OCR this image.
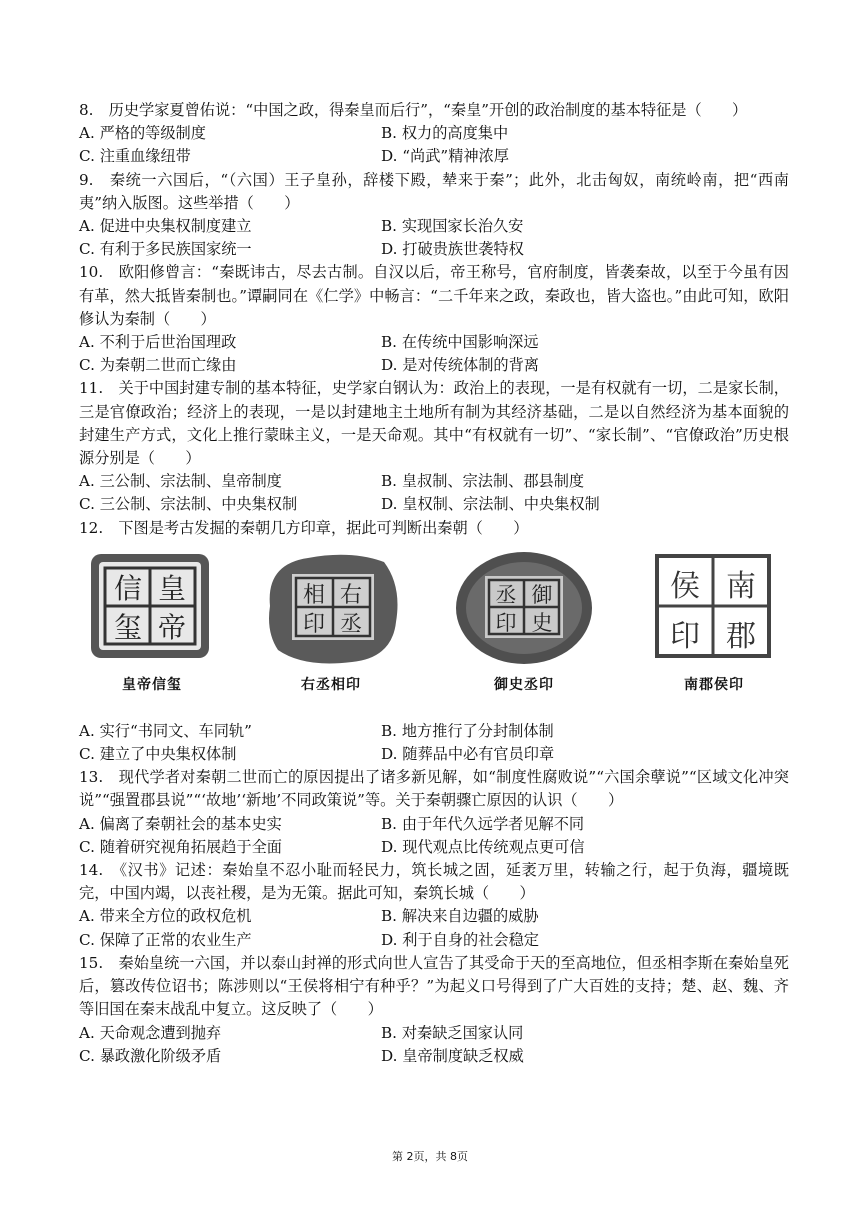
8.　历史学家夏曾佑说：“中国之政，得秦皇而后行”，“秦皇”开创的政治制度的基本特征是（　　）

A. 严格的等级制度	B. 权力的高度集中
C. 注重血缘纽带	D. “尚武”精神浓厚

9.　秦统一六国后，“（六国）王子皇孙，辞楼下殿，辇来于秦”；此外，北击匈奴，南统岭南，把“西南夷”纳入版图。这些举措（　　）

A. 促进中央集权制度建立	B. 实现国家长治久安
C. 有利于多民族国家统一	D. 打破贵族世袭特权

10.　欧阳修曾言：“秦既讳古，尽去古制。自汉以后，帝王称号，官府制度，皆袭秦故，以至于今虽有因有革，然大抵皆秦制也。”谭嗣同在《仁学》中畅言：“二千年来之政，秦政也，皆大盗也。”由此可知，欧阳修认为秦制（　　）

A. 不利于后世治国理政	B. 在传统中国影响深远
C. 为秦朝二世而亡缘由	D. 是对传统体制的背离

11.　关于中国封建专制的基本特征，史学家白钢认为：政治上的表现，一是有权就有一切，二是家长制，三是官僚政治；经济上的表现，一是以封建地主土地所有制为其经济基础，二是以自然经济为基本面貌的封建生产方式，文化上推行蒙昧主义，一是天命观。其中“有权就有一切”、“家长制”、“官僚政治”历史根源分别是（　　）

A. 三公制、宗法制、皇帝制度	B. 皇叔制、宗法制、郡县制度
C. 三公制、宗法制、中央集权制	D. 皇权制、宗法制、中央集权制

12.　下图是考古发掘的秦朝几方印章，据此可判断出秦朝（　　）

皇
帝
信
玺
皇帝信玺
右
丞
相
印
右丞相印
御
史
丞
印
御史丞印
南
郡
侯
印
南郡侯印
A. 实行“书同文、车同轨”	B. 地方推行了分封制体制
C. 建立了中央集权体制	D. 随葬品中必有官员印章

13.　现代学者对秦朝二世而亡的原因提出了诸多新见解，如“制度性腐败说”“六国余孽说”“区域文化冲突说”“强置郡县说”“‘故地’‘新地’不同政策说”等。关于秦朝骤亡原因的认识（　　）

A. 偏离了秦朝社会的基本史实	B. 由于年代久远学者见解不同
C. 随着研究视角拓展趋于全面	D. 现代观点比传统观点更可信

14.　《汉书》记述：秦始皇不忍小耻而轻民力，筑长城之固，延袤万里，转输之行，起于负海，疆境既完，中国内竭，以丧社稷，是为无策。据此可知，秦筑长城（　　）

A. 带来全方位的政权危机	B. 解决来自边疆的威胁
C. 保障了正常的农业生产	D. 利于自身的社会稳定

15.　秦始皇统一六国，并以泰山封禅的形式向世人宣告了其受命于天的至高地位，但丞相李斯在秦始皇死后，篡改传位诏书；陈涉则以“王侯将相宁有种乎？”为起义口号得到了广大百姓的支持；楚、赵、魏、齐等旧国在秦末战乱中复立。这反映了（　　）

A. 天命观念遭到抛弃	B. 对秦缺乏国家认同
C. 暴政激化阶级矛盾	D. 皇帝制度缺乏权威
第 2页，共 8页
